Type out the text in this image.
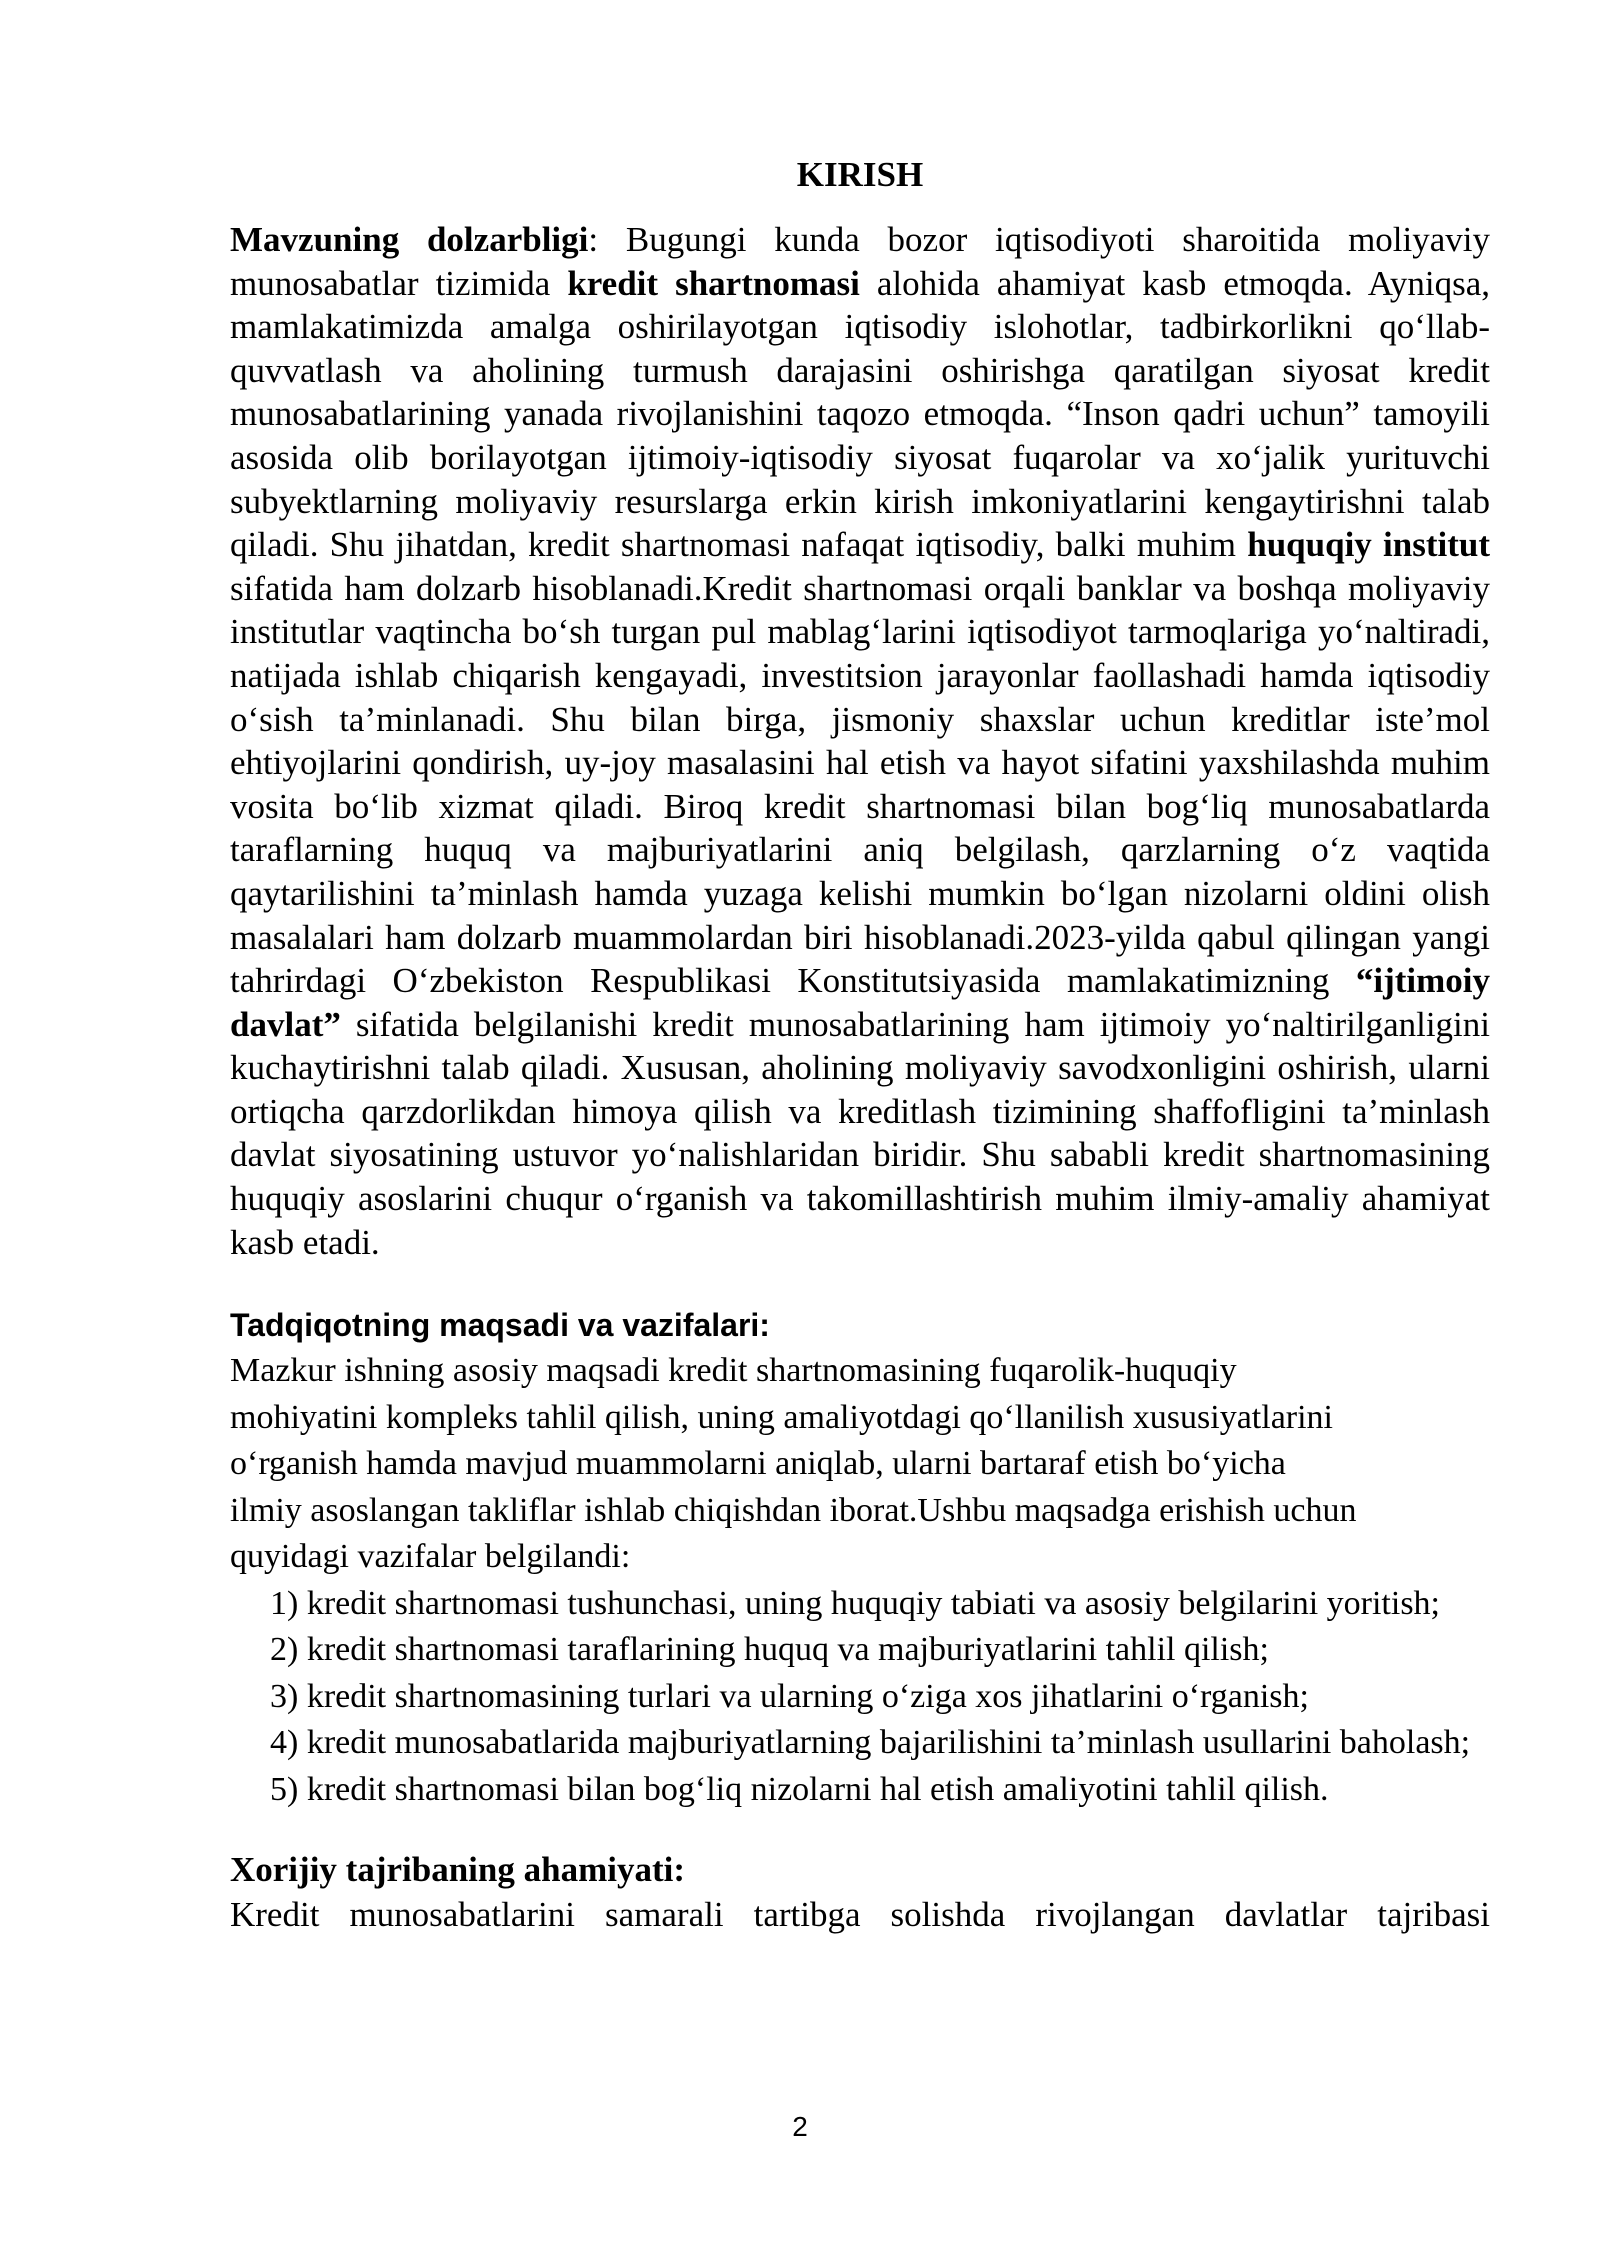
KIRISH

Mavzuning dolzarbligi: Bugungi kunda bozor iqtisodiyoti sharoitida moliyaviy munosabatlar tizimida kredit shartnomasi alohida ahamiyat kasb etmoqda. Ayniqsa, mamlakatimizda amalga oshirilayotgan iqtisodiy islohotlar, tadbirkorlikni qo‘llab-quvvatlash va aholining turmush darajasini oshirishga qaratilgan siyosat kredit munosabatlarining yanada rivojlanishini taqozo etmoqda. “Inson qadri uchun” tamoyili asosida olib borilayotgan ijtimoiy-iqtisodiy siyosat fuqarolar va xo‘jalik yurituvchi subyektlarning moliyaviy resurslarga erkin kirish imkoniyatlarini kengaytirishni talab qiladi. Shu jihatdan, kredit shartnomasi nafaqat iqtisodiy, balki muhim huquqiy institut sifatida ham dolzarb hisoblanadi.Kredit shartnomasi orqali banklar va boshqa moliyaviy institutlar vaqtincha bo‘sh turgan pul mablag‘larini iqtisodiyot tarmoqlariga yo‘naltiradi, natijada ishlab chiqarish kengayadi, investitsion jarayonlar faollashadi hamda iqtisodiy o‘sish ta’minlanadi. Shu bilan birga, jismoniy shaxslar uchun kreditlar iste’mol ehtiyojlarini qondirish, uy-joy masalasini hal etish va hayot sifatini yaxshilashda muhim vosita bo‘lib xizmat qiladi. Biroq kredit shartnomasi bilan bog‘liq munosabatlarda taraflarning huquq va majburiyatlarini aniq belgilash, qarzlarning o‘z vaqtida qaytarilishini ta’minlash hamda yuzaga kelishi mumkin bo‘lgan nizolarni oldini olish masalalari ham dolzarb muammolardan biri hisoblanadi.2023-yilda qabul qilingan yangi tahrirdagi O‘zbekiston Respublikasi Konstitutsiyasida mamlakatimizning “ijtimoiy davlat” sifatida belgilanishi kredit munosabatlarining ham ijtimoiy yo‘naltirilganligini kuchaytirishni talab qiladi. Xususan, aholining moliyaviy savodxonligini oshirish, ularni ortiqcha qarzdorlikdan himoya qilish va kreditlash tizimining shaffofligini ta’minlash davlat siyosatining ustuvor yo‘nalishlaridan biridir. Shu sababli kredit shartnomasining huquqiy asoslarini chuqur o‘rganish va takomillashtirish muhim ilmiy-amaliy ahamiyat kasb etadi.

Tadqiqotning maqsadi va vazifalari:
Mazkur ishning asosiy maqsadi kredit shartnomasining fuqarolik-huquqiy
mohiyatini kompleks tahlil qilish, uning amaliyotdagi qo‘llanilish xususiyatlarini
o‘rganish hamda mavjud muammolarni aniqlab, ularni bartaraf etish bo‘yicha
ilmiy asoslangan takliflar ishlab chiqishdan iborat.Ushbu maqsadga erishish uchun
quyidagi vazifalar belgilandi:
1) kredit shartnomasi tushunchasi, uning huquqiy tabiati va asosiy belgilarini yoritish;
2) kredit shartnomasi taraflarining huquq va majburiyatlarini tahlil qilish;
3) kredit shartnomasining turlari va ularning o‘ziga xos jihatlarini o‘rganish;
4) kredit munosabatlarida majburiyatlarning bajarilishini ta’minlash usullarini baholash;
5) kredit shartnomasi bilan bog‘liq nizolarni hal etish amaliyotini tahlil qilish.
Xorijiy tajribaning ahamiyati:

Kredit munosabatlarini samarali tartibga solishda rivojlangan davlatlar tajribasi

2
